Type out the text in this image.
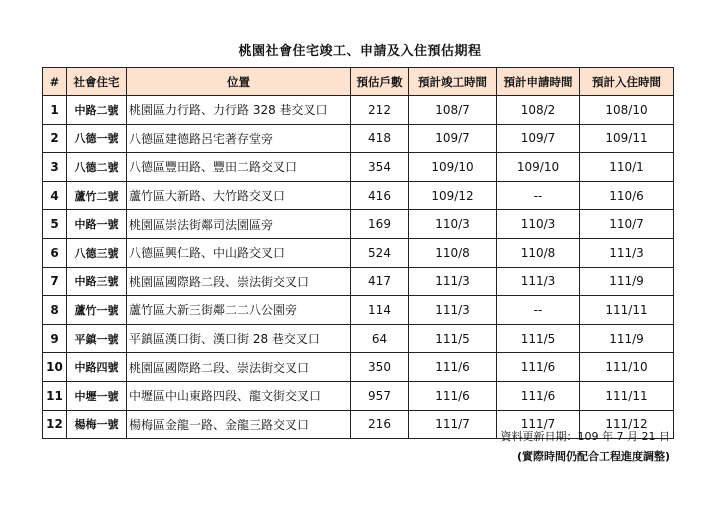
桃園社會住宅竣工、申請及入住預估期程
#	社會住宅	位置	預估戶數	預計竣工時間	預計申請時間	預計入住時間
1	中路二號	桃園區力行路、力行路 328 巷交叉口	212	108/7	108/2	108/10
2	八德一號	八德區建德路呂宅著存堂旁	418	109/7	109/7	109/11
3	八德二號	八德區豐田路、豐田二路交叉口	354	109/10	109/10	110/1
4	蘆竹二號	蘆竹區大新路、大竹路交叉口	416	109/12	--	110/6
5	中路一號	桃園區崇法街鄰司法園區旁	169	110/3	110/3	110/7
6	八德三號	八德區興仁路、中山路交叉口	524	110/8	110/8	111/3
7	中路三號	桃園區國際路二段、崇法街交叉口	417	111/3	111/3	111/9
8	蘆竹一號	蘆竹區大新三街鄰二二八公園旁	114	111/3	--	111/11
9	平鎮一號	平鎮區漢口街、漢口街 28 巷交叉口	64	111/5	111/5	111/9
10	中路四號	桃園區國際路二段、崇法街交叉口	350	111/6	111/6	111/10
11	中壢一號	中壢區中山東路四段、龍文街交叉口	957	111/6	111/6	111/11
12	楊梅一號	楊梅區金龍一路、金龍三路交叉口	216	111/7	111/7	111/12
資料更新日期：109 年 7 月 21 日
(實際時間仍配合工程進度調整)
